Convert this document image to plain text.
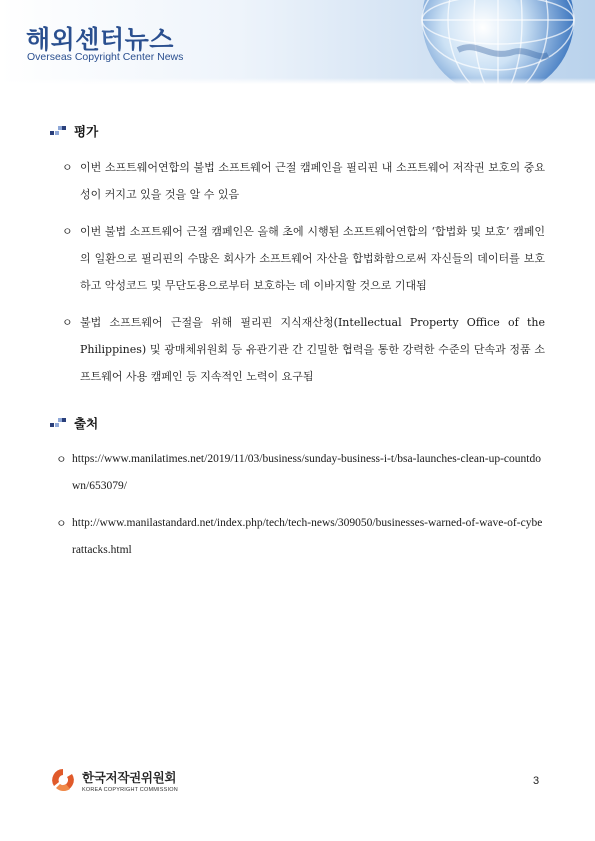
해외센터뉴스
Overseas Copyright Center News
평가
ㅇ 이번 소프트웨어연합의 불법 소프트웨어 근절 캠페인을 필리핀 내 소프트웨어 저작권 보호의 중요성이 커지고 있을 것을 알 수 있음
ㅇ 이번 불법 소프트웨어 근절 캠페인은 올해 초에 시행된 소프트웨어연합의 ‘합법화 및 보호’ 캠페인의 일환으로 필리핀의 수많은 회사가 소프트웨어 자산을 합법화함으로써 자신들의 데이터를 보호하고 악성코드 및 무단도용으로부터 보호하는 데 이바지할 것으로 기대됨
ㅇ 불법 소프트웨어 근절을 위해 필리핀 지식재산청(Intellectual Property Office of the Philippines) 및 광매체위원회 등 유관기관 간 긴밀한 협력을 통한 강력한 수준의 단속과 정품 소프트웨어 사용 캠페인 등 지속적인 노력이 요구됨
출처
ㅇ https://www.manilatimes.net/2019/11/03/business/sunday-business-i-t/bsa-launches-clean-up-countdown/653079/
ㅇ http://www.manilastandard.net/index.php/tech/tech-news/309050/businesses-warned-of-wave-of-cyberattacks.html
한국저작권위원회
KOREA COPYRIGHT COMMISSION
3
